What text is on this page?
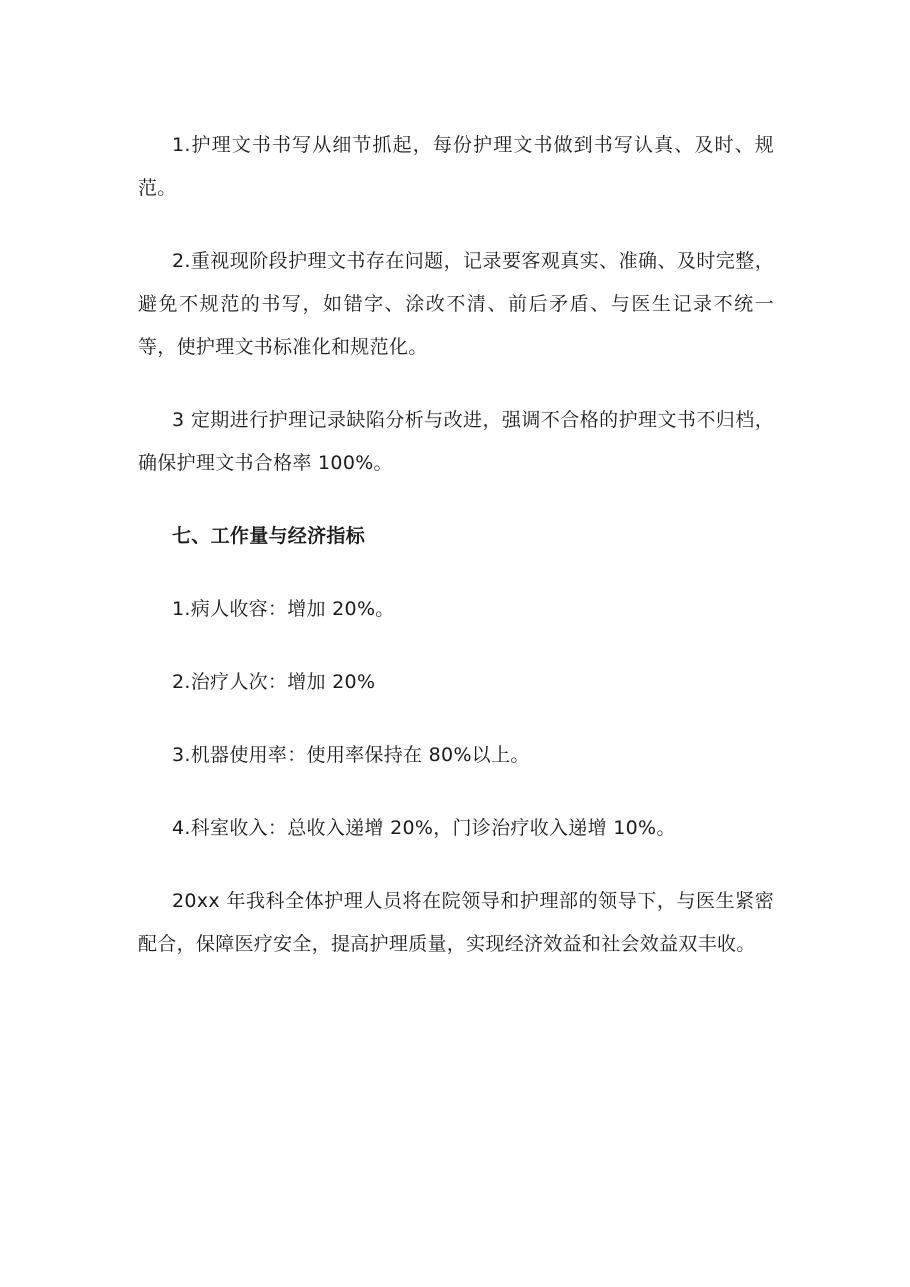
1.护理文书书写从细节抓起，每份护理文书做到书写认真、及时、规范。

2.重视现阶段护理文书存在问题，记录要客观真实、准确、及时完整，避免不规范的书写，如错字、涂改不清、前后矛盾、与医生记录不统一等，使护理文书标准化和规范化。

3 定期进行护理记录缺陷分析与改进，强调不合格的护理文书不归档，确保护理文书合格率 100%。

七、工作量与经济指标

1.病人收容：增加 20%。

2.治疗人次：增加 20%

3.机器使用率：使用率保持在 80%以上。

4.科室收入：总收入递增 20%，门诊治疗收入递增 10%。

20xx 年我科全体护理人员将在院领导和护理部的领导下，与医生紧密配合，保障医疗安全，提高护理质量，实现经济效益和社会效益双丰收。
